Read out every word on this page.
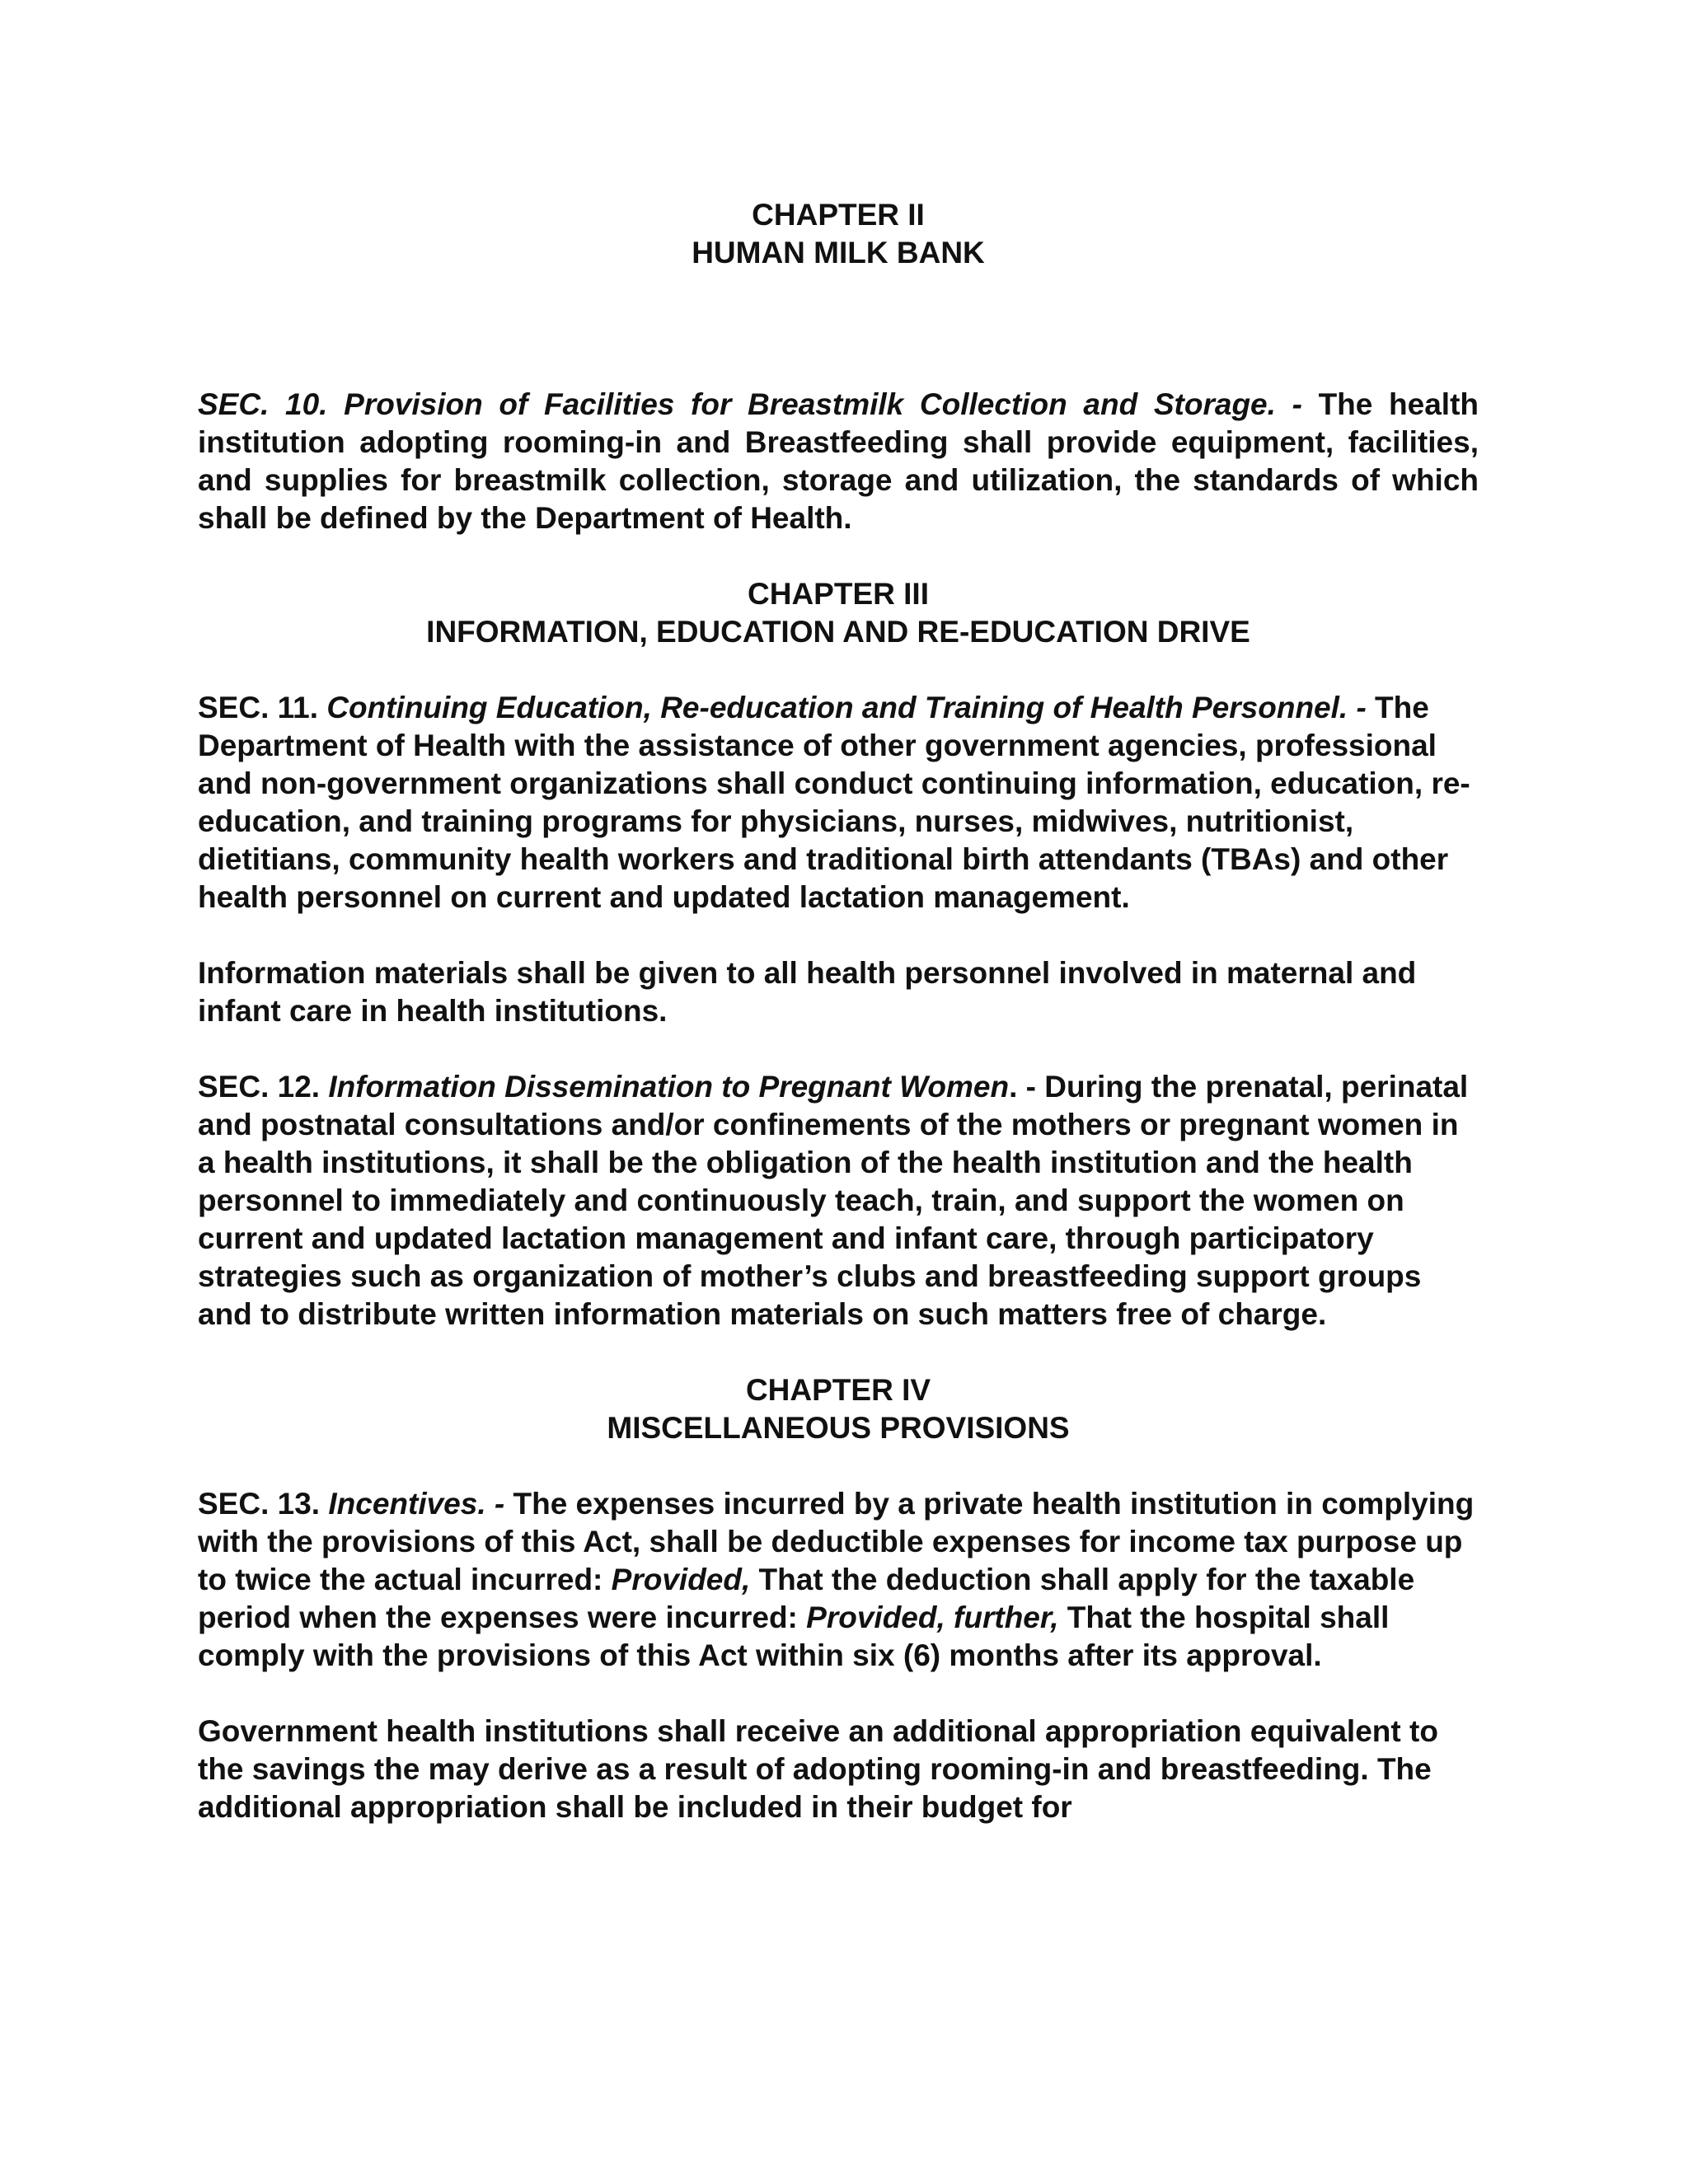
CHAPTER II
HUMAN MILK BANK

SEC. 10. Provision of Facilities for Breastmilk Collection and Storage. - The health institution adopting rooming-in and Breastfeeding shall provide equipment, facilities, and supplies for breastmilk collection, storage and utilization, the standards of which shall be defined by the Department of Health.

CHAPTER III
INFORMATION, EDUCATION AND RE-EDUCATION DRIVE

SEC. 11. Continuing Education, Re-education and Training of Health Personnel. - The Department of Health with the assistance of other government agencies, professional and non-government organizations shall conduct continuing information, education, re-education, and training programs for physicians, nurses, midwives, nutritionist, dietitians, community health workers and traditional birth attendants (TBAs) and other health personnel on current and updated lactation management.

Information materials shall be given to all health personnel involved in maternal and infant care in health institutions.

SEC. 12. Information Dissemination to Pregnant Women. - During the prenatal, perinatal and postnatal consultations and/or confinements of the mothers or pregnant women in a health institutions, it shall be the obligation of the health institution and the health personnel to immediately and continuously teach, train, and support the women on current and updated lactation management and infant care, through participatory strategies such as organization of mother’s clubs and breastfeeding support groups and to distribute written information materials on such matters free of charge.

CHAPTER IV
MISCELLANEOUS PROVISIONS

SEC. 13. Incentives. - The expenses incurred by a private health institution in complying with the provisions of this Act, shall be deductible expenses for income tax purpose up to twice the actual incurred: Provided, That the deduction shall apply for the taxable period when the expenses were incurred: Provided, further, That the hospital shall comply with the provisions of this Act within six (6) months after its approval.

Government health institutions shall receive an additional appropriation equivalent to the savings the may derive as a result of adopting rooming-in and breastfeeding. The additional appropriation shall be included in their budget for
